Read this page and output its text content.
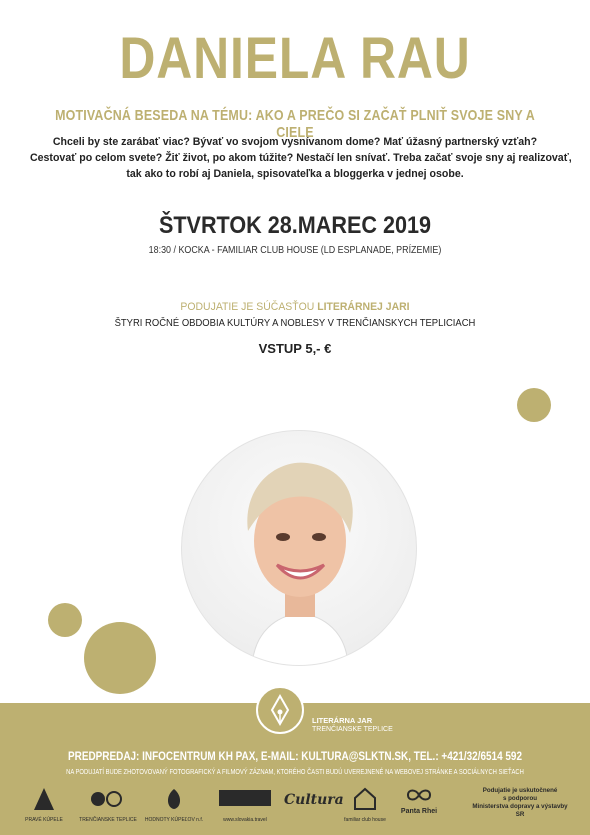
DANIELA RAU
MOTIVAČNÁ BESEDA NA TÉMU: AKO A PREČO SI ZAČAŤ PLNIŤ SVOJE SNY A CIELE
Chceli by ste zarábať viac? Bývať vo svojom vysnívanom dome? Mať úžasný partnerský vzťah?
Cestovať po celom svete? Žiť život, po akom túžite? Nestačí len snívať. Treba začať svoje sny aj realizovať,
tak ako to robí aj Daniela, spisovateľka a bloggerka v jednej osobe.
ŠTVRTOK 28.MAREC 2019
18:30 / KOCKA - FAMILIAR CLUB HOUSE (LD ESPLANADE, PRÍZEMIE)
PODUJATIE JE SÚČASŤOU LITERÁRNEJ JARI
ŠTYRI ROČNÉ OBDOBIA KULTÚRY A NOBLESY V TRENČIANSKYCH TEPLICIACH
VSTUP 5,- €
LITERÁRNA JAR
TRENČIANSKE TEPLICE
PREDPREDAJ: INFOCENTRUM KH PAX, E-MAIL: KULTURA@SLKTN.SK, TEL.: +421/32/6514 592
NA PODUJATÍ BUDE ZHOTOVOVANÝ FOTOGRAFICKÝ A FILMOVÝ ZÁZNAM, KTORÉHO ČASTI BUDÚ UVEREJNENÉ NA WEBOVEJ STRÁNKE A SOCIÁLNYCH SIEŤACH
PRAVÉ KÚPELE	TRENČIANSKE TEPLICE HODNOTY KÚPEĽOV n.f.	www.slovakia.travel
Cultura
familiar club house
Panta Rhei
Podujatie je uskutočnené
s podporou
Ministerstva dopravy a výstavby SR
